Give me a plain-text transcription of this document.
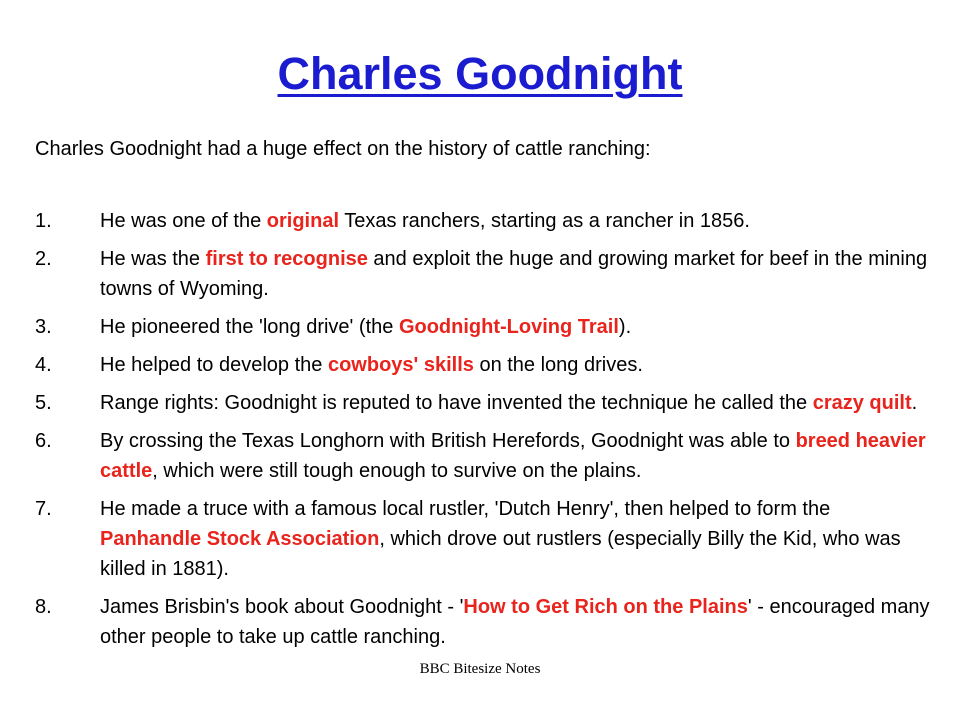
Charles Goodnight

Charles Goodnight had a huge effect on the history of cattle ranching:

1. He was one of the original Texas ranchers, starting as a rancher in 1856.
2. He was the first to recognise and exploit the huge and growing market for beef in the mining towns of Wyoming.
3. He pioneered the 'long drive' (the Goodnight-Loving Trail).
4. He helped to develop the cowboys' skills on the long drives.
5. Range rights: Goodnight is reputed to have invented the technique he called the crazy quilt.
6. By crossing the Texas Longhorn with British Herefords, Goodnight was able to breed heavier cattle, which were still tough enough to survive on the plains.
7. He made a truce with a famous local rustler, 'Dutch Henry', then helped to form the Panhandle Stock Association, which drove out rustlers (especially Billy the Kid, who was killed in 1881).
8. James Brisbin's book about Goodnight - 'How to Get Rich on the Plains' - encouraged many other people to take up cattle ranching.
BBC Bitesize Notes
